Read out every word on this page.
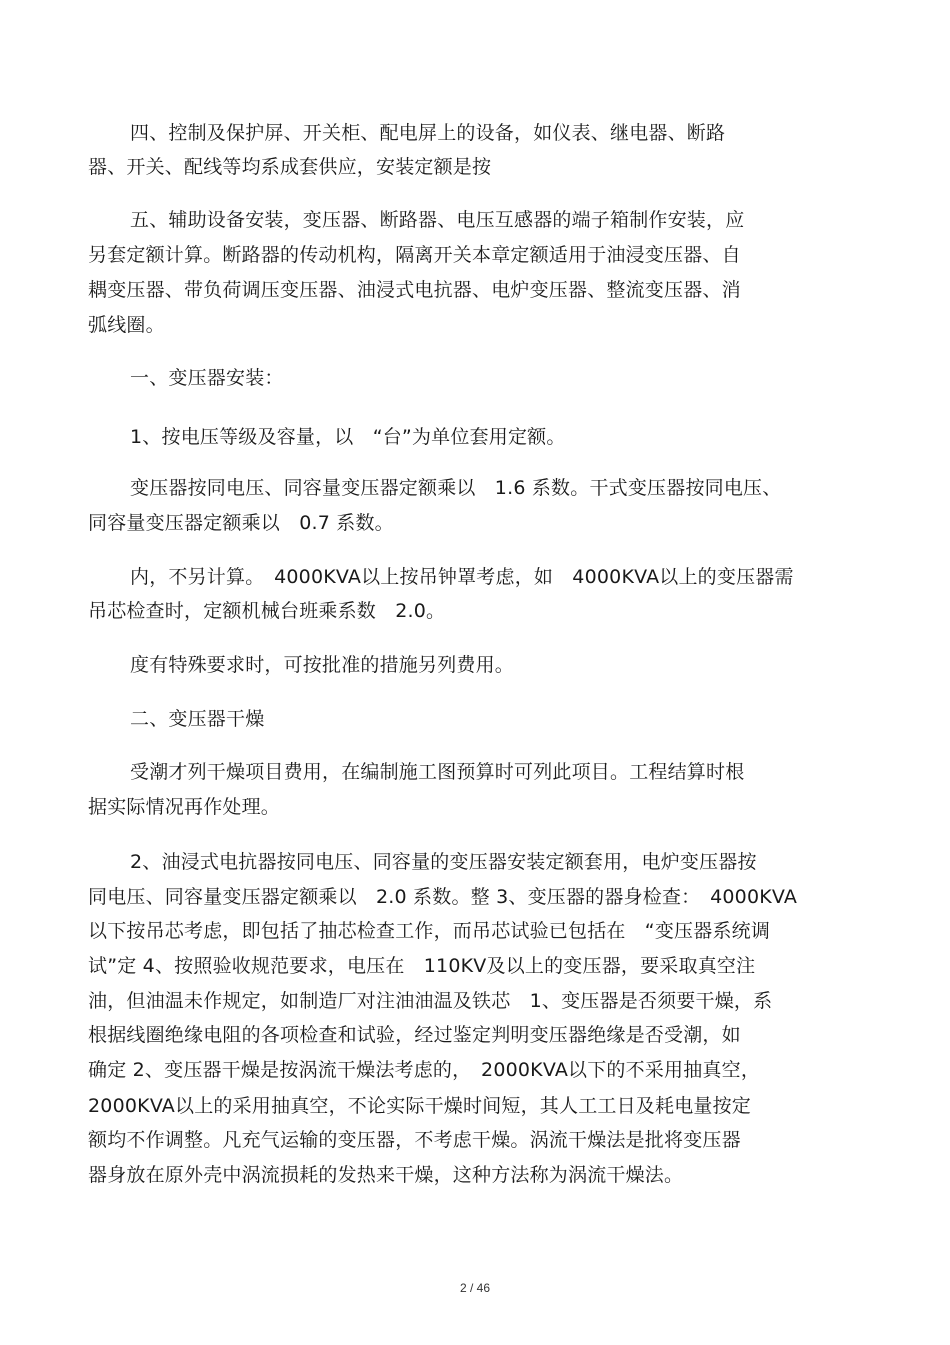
四、控制及保护屏、开关柜、配电屏上的设备，如仪表、继电器、断路
器、开关、配线等均系成套供应，安装定额是按
五、辅助设备安装，变压器、断路器、电压互感器的端子箱制作安装，应
另套定额计算。断路器的传动机构，隔离开关本章定额适用于油浸变压器、自
耦变压器、带负荷调压变压器、油浸式电抗器、电炉变压器、整流变压器、消
弧线圈。
一、变压器安装：
1、按电压等级及容量，以　“台”为单位套用定额。
变压器按同电压、同容量变压器定额乘以　1.6 系数。干式变压器按同电压、
同容量变压器定额乘以　0.7 系数。
内，不另计算。　4000KVA以上按吊钟罩考虑，如　4000KVA以上的变压器需
吊芯检查时，定额机械台班乘系数　2.0。
度有特殊要求时，可按批准的措施另列费用。
二、变压器干燥
受潮才列干燥项目费用，在编制施工图预算时可列此项目。工程结算时根
据实际情况再作处理。
2、油浸式电抗器按同电压、同容量的变压器安装定额套用，电炉变压器按
同电压、同容量变压器定额乘以　2.0 系数。整 3、变压器的器身检查：　4000KVA
以下按吊芯考虑，即包括了抽芯检查工作，而吊芯试验已包括在　“变压器系统调
试”定 4、按照验收规范要求，电压在　110KV及以上的变压器，要采取真空注
油，但油温未作规定，如制造厂对注油油温及铁芯　1、变压器是否须要干燥，系
根据线圈绝缘电阻的各项检查和试验，经过鉴定判明变压器绝缘是否受潮，如
确定 2、变压器干燥是按涡流干燥法考虑的，　2000KVA以下的不采用抽真空，
2000KVA以上的采用抽真空，不论实际干燥时间短，其人工工日及耗电量按定
额均不作调整。凡充气运输的变压器，不考虑干燥。涡流干燥法是批将变压器
器身放在原外壳中涡流损耗的发热来干燥，这种方法称为涡流干燥法。
2 / 46
